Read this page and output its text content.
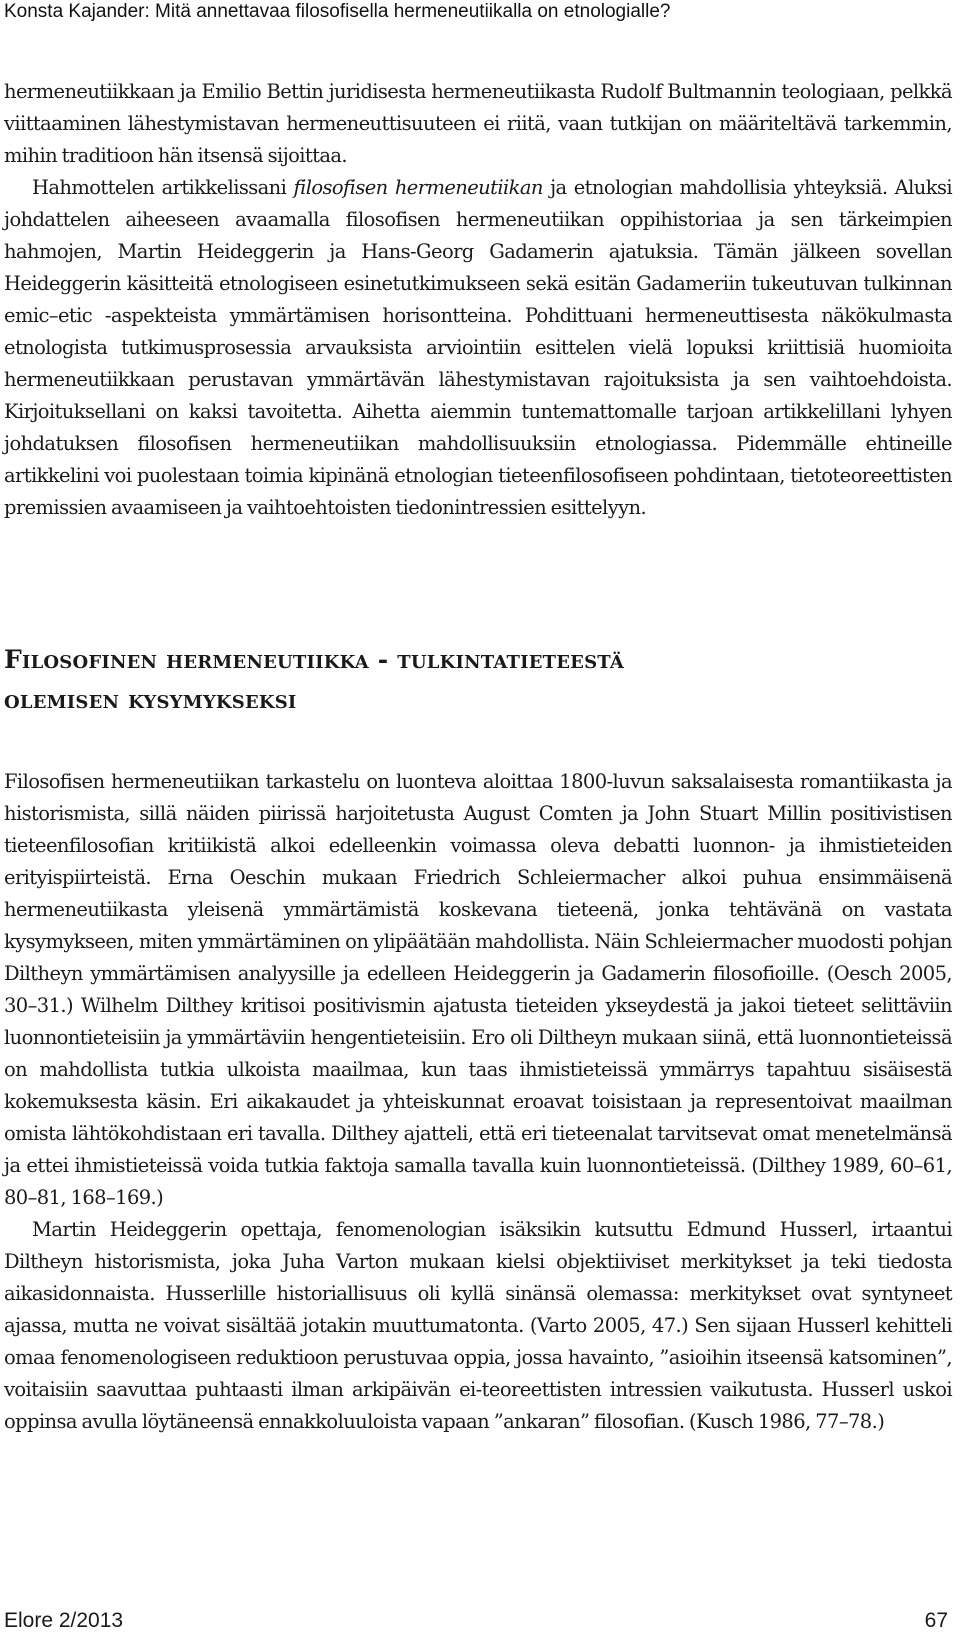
Konsta Kajander: Mitä annettavaa filosofisella hermeneutiikalla on etnologialle?

hermeneutiikkaan ja Emilio Bettin juridisesta hermeneutiikasta Rudolf Bultmannin teologiaan, pelkkä viittaaminen lähestymistavan hermeneuttisuuteen ei riitä, vaan tutkijan on määriteltävä tarkemmin, mihin traditioon hän itsensä sijoittaa.

Hahmottelen artikkelissani filosofisen hermeneutiikan ja etnologian mahdollisia yhteyksiä. Aluksi johdattelen aiheeseen avaamalla filosofisen hermeneutiikan oppihistoriaa ja sen tärkeimpien hahmojen, Martin Heideggerin ja Hans-Georg Gadamerin ajatuksia. Tämän jälkeen sovellan Heideggerin käsitteitä etnologiseen esinetutkimukseen sekä esitän Gadameriin tukeutuvan tulkinnan emic–etic -aspekteista ymmärtämisen horisontteina. Pohdittuani hermeneuttisesta näkökulmasta etnologista tutkimusprosessia arvauksista arviointiin esittelen vielä lopuksi kriittisiä huomioita hermeneutiikkaan perustavan ymmärtävän lähestymistavan rajoituksista ja sen vaihtoehdoista. Kirjoituksellani on kaksi tavoitetta. Aihetta aiemmin tuntemattomalle tarjoan artikkelillani lyhyen johdatuksen filosofisen hermeneutiikan mahdollisuuksiin etnologiassa. Pidemmälle ehtineille artikkelini voi puolestaan toimia kipinänä etnologian tieteenfilosofiseen pohdintaan, tietoteoreettisten premissien avaamiseen ja vaihtoehtoisten tiedonintressien esittelyyn.

Filosofinen hermeneutiikka - tulkintatieteestä
olemisen kysymykseksi

Filosofisen hermeneutiikan tarkastelu on luonteva aloittaa 1800-luvun saksalaisesta romantiikasta ja historismista, sillä näiden piirissä harjoitetusta August Comten ja John Stuart Millin positivistisen tieteenfilosofian kritiikistä alkoi edelleenkin voimassa oleva debatti luonnon- ja ihmistieteiden erityispiirteistä. Erna Oeschin mukaan Friedrich Schleiermacher alkoi puhua ensimmäisenä hermeneutiikasta yleisenä ymmärtämistä koskevana tieteenä, jonka tehtävänä on vastata kysymykseen, miten ymmärtäminen on ylipäätään mahdollista. Näin Schleiermacher muodosti pohjan Diltheyn ymmärtämisen analyysille ja edelleen Heideggerin ja Gadamerin filosofioille. (Oesch 2005, 30–31.) Wilhelm Dilthey kritisoi positivismin ajatusta tieteiden ykseydestä ja jakoi tieteet selittäviin luonnontieteisiin ja ymmärtäviin hengentieteisiin. Ero oli Diltheyn mukaan siinä, että luonnontieteissä on mahdollista tutkia ulkoista maailmaa, kun taas ihmistieteissä ymmärrys tapahtuu sisäisestä kokemuksesta käsin. Eri aikakaudet ja yhteiskunnat eroavat toisistaan ja representoivat maailman omista lähtökohdistaan eri tavalla. Dilthey ajatteli, että eri tieteenalat tarvitsevat omat menetelmänsä ja ettei ihmistieteissä voida tutkia faktoja samalla tavalla kuin luonnontieteissä. (Dilthey 1989, 60–61, 80–81, 168–169.)

Martin Heideggerin opettaja, fenomenologian isäksikin kutsuttu Edmund Husserl, irtaantui Diltheyn historismista, joka Juha Varton mukaan kielsi objektiiviset merkitykset ja teki tiedosta aikasidonnaista. Husserlille historiallisuus oli kyllä sinänsä olemassa: merkitykset ovat syntyneet ajassa, mutta ne voivat sisältää jotakin muuttumatonta. (Varto 2005, 47.) Sen sijaan Husserl kehitteli omaa fenomenologiseen reduktioon perustuvaa oppia, jossa havainto, ”asioihin itseensä katsominen”, voitaisiin saavuttaa puhtaasti ilman arkipäivän ei-teoreettisten intressien vaikutusta. Husserl uskoi oppinsa avulla löytäneensä ennakkoluuloista vapaan ”ankaran” filosofian. (Kusch 1986, 77–78.)

Elore 2/2013	67
